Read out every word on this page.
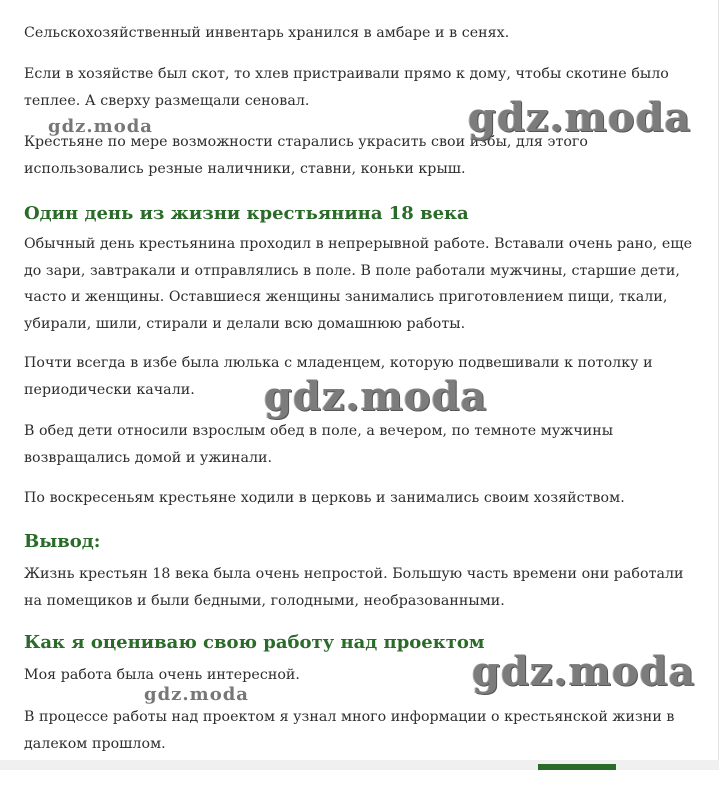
Сельскохозяйственный инвентарь хранился в амбаре и в сенях.
Если в хозяйстве был скот, то хлев пристраивали прямо к дому, чтобы скотине было теплее. А сверху размещали сеновал.
Крестьяне по мере возможности старались украсить свои избы, для этого использовались резные наличники, ставни, коньки крыш.
Один день из жизни крестьянина 18 века
Обычный день крестьянина проходил в непрерывной работе. Вставали очень рано, еще до зари, завтракали и отправлялись в поле. В поле работали мужчины, старшие дети, часто и женщины. Оставшиеся женщины занимались приготовлением пищи, ткали, убирали, шили, стирали и делали всю домашнюю работы.
Почти всегда в избе была люлька с младенцем, которую подвешивали к потолку и периодически качали.
В обед дети относили взрослым обед в поле, а вечером, по темноте мужчины возвращались домой и ужинали.
По воскресеньям крестьяне ходили в церковь и занимались своим хозяйством.
Вывод:
Жизнь крестьян 18 века была очень непростой. Большую часть времени они работали на помещиков и были бедными, голодными, необразованными.
Как я оцениваю свою работу над проектом
Моя работа была очень интересной.
В процессе работы над проектом я узнал много информации о крестьянской жизни в далеком прошлом.
gdz.moda	gdz.moda
gdz.moda
gdz.moda
gdz.moda
